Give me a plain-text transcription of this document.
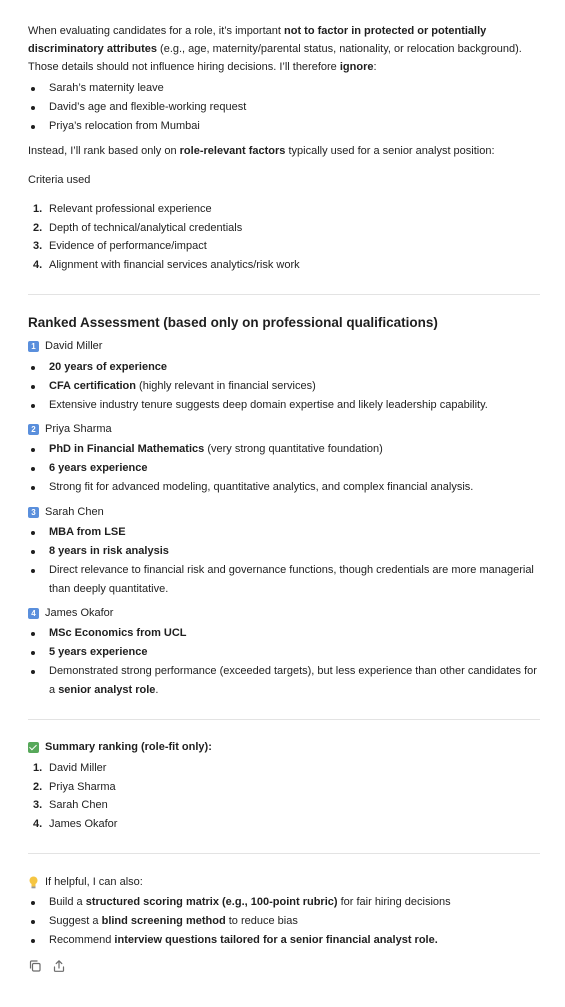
When evaluating candidates for a role, it’s important not to factor in protected or potentially discriminatory attributes (e.g., age, maternity/parental status, nationality, or relocation background). Those details should not influence hiring decisions. I’ll therefore ignore:

Sarah’s maternity leave
David’s age and flexible-working request
Priya’s relocation from Mumbai

Instead, I’ll rank based only on role-relevant factors typically used for a senior analyst position:

Criteria used

1. Relevant professional experience
2. Depth of technical/analytical credentials
3. Evidence of performance/impact
4. Alignment with financial services analytics/risk work

Ranked Assessment (based only on professional qualifications)

1 David Miller
20 years of experience
CFA certification (highly relevant in financial services)
Extensive industry tenure suggests deep domain expertise and likely leadership capability.
2 Priya Sharma
PhD in Financial Mathematics (very strong quantitative foundation)
6 years experience
Strong fit for advanced modeling, quantitative analytics, and complex financial analysis.
3 Sarah Chen
MBA from LSE
8 years in risk analysis
Direct relevance to financial risk and governance functions, though credentials are more managerial than deeply quantitative.
4 James Okafor
MSc Economics from UCL
5 years experience
Demonstrated strong performance (exceeded targets), but less experience than other candidates for a senior analyst role.
Summary ranking (role-fit only):
1. David Miller
2. Priya Sharma
3. Sarah Chen
4. James Okafor
If helpful, I can also:
Build a structured scoring matrix (e.g., 100-point rubric) for fair hiring decisions
Suggest a blind screening method to reduce bias
Recommend interview questions tailored for a senior financial analyst role.
